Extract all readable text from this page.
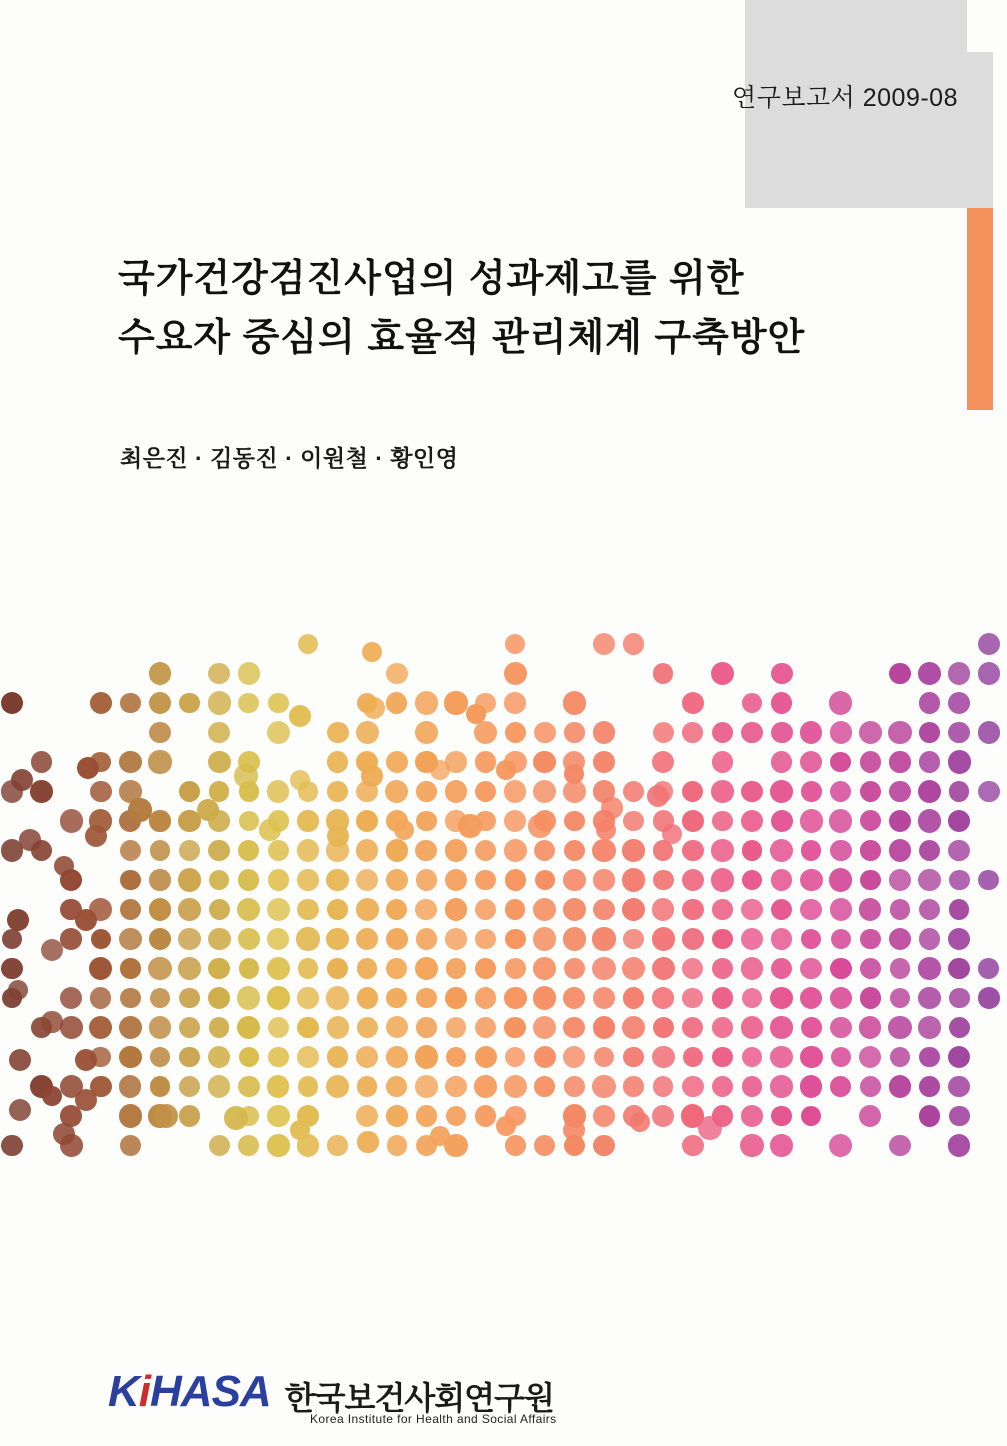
연구보고서 2009-08
국가건강검진사업의 성과제고를 위한
수요자 중심의 효율적 관리체계 구축방안
최은진 · 김동진 · 이원철 · 황인영
KiHASA 한국보건사회연구원
Korea Institute for Health and Social Affairs
